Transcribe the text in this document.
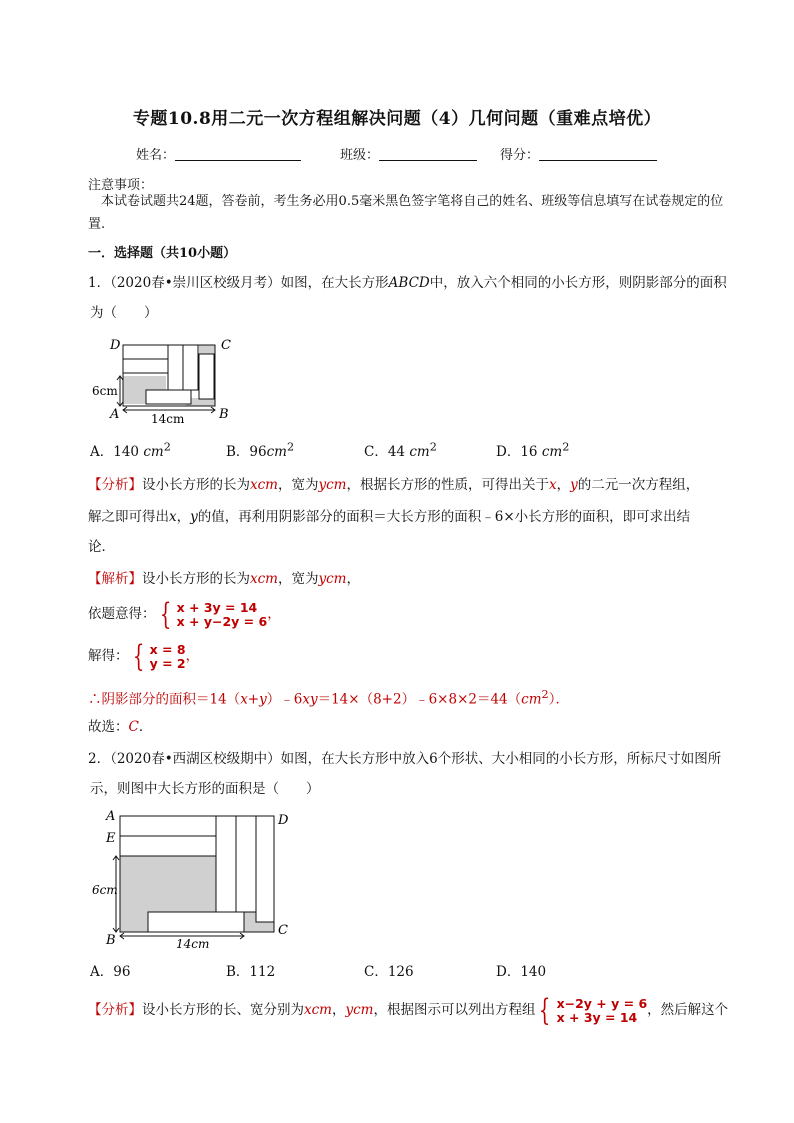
专题10.8用二元一次方程组解决问题（4）几何问题（重难点培优）
姓名：	班级：	得分：
注意事项：
本试卷试题共24题，答卷前，考生务必用0.5毫米黑色签字笔将自己的姓名、班级等信息填写在试卷规定的位置.
一．选择题（共10小题）
1．（2020春•崇川区校级月考）如图，在大长方形ABCD中，放入六个相同的小长方形，则阴影部分的面积
为（　　）
D	C
A	B
6cm
14cm
A．140 $cm^2$	B．$96cm^2$	C．44 $cm^2$	D．16 $cm^2$
【分析】设小长方形的长为xcm，宽为ycm，根据长方形的性质，可得出关于x，y的二元一次方程组，
解之即可得出x，y的值，再利用阴影部分的面积＝大长方形的面积﹣6×小长方形的面积，即可求出结
论．
【解析】设小长方形的长为xcm，宽为ycm，
依题意得： { x + 3y = 14
x + y−2y = 6 ，
解得： { x = 8
y = 2 ，
∴阴影部分的面积$=14(x+y)﹣6xy=14\times(8+2)﹣6\times 8\times 2=44(cm^2)$．
故选：C．
2．（2020春•西湖区校级期中）如图，在大长方形中放入6个形状、大小相同的小长方形，所标尺寸如图所
示，则图中大长方形的面积是（　　）
A
E
D
B
C
6cm
14cm
A．96	B．112	C．126	D．140
【分析】设小长方形的长、宽分别为xcm，ycm，根据图示可以列出方程组 { x−2y + y = 6
x + 3y = 14 ，然后解这个
